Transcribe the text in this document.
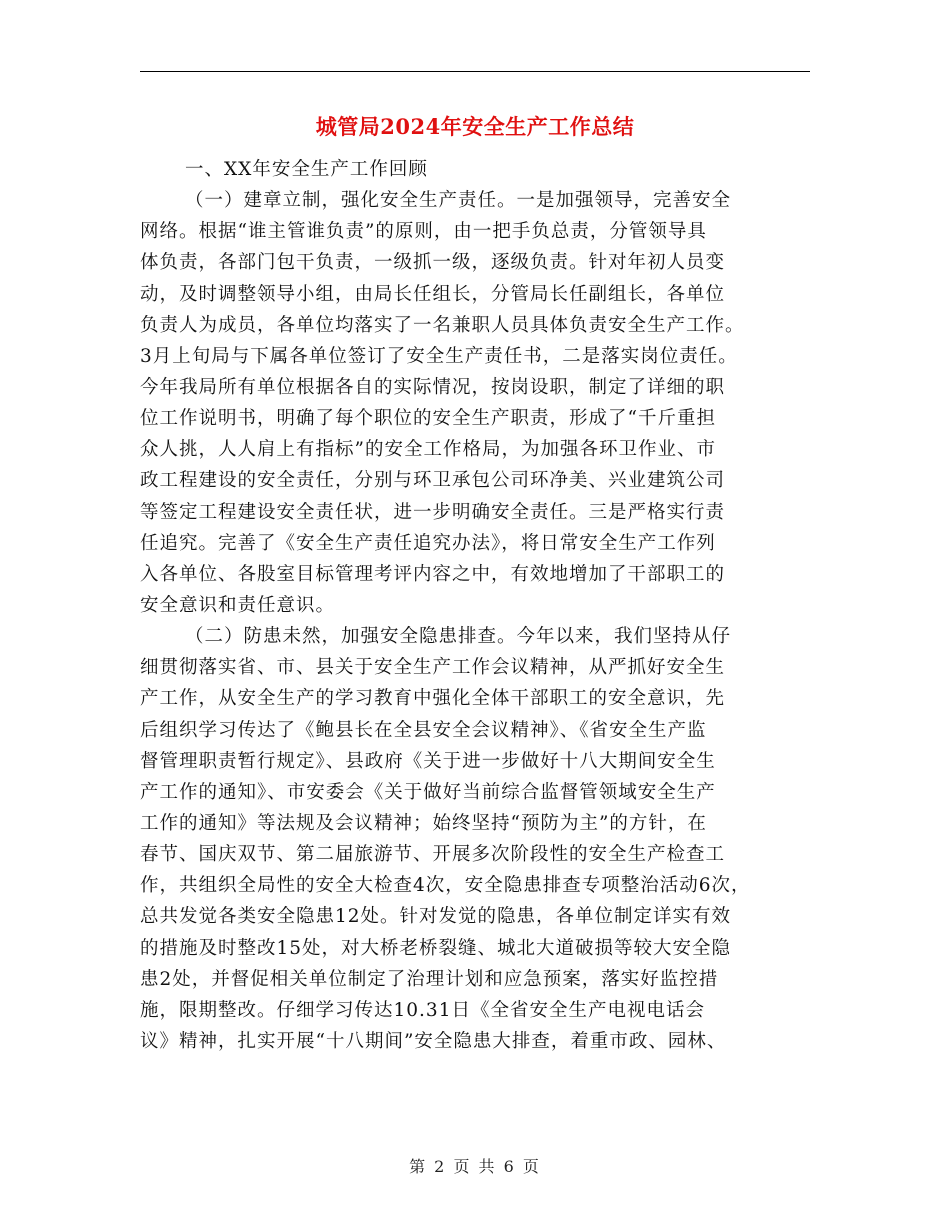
城管局2024年安全生产工作总结
一、XX年安全生产工作回顾
（一）建章立制，强化安全生产责任。一是加强领导，完善安全
网络。根据“谁主管谁负责”的原则，由一把手负总责，分管领导具
体负责，各部门包干负责，一级抓一级，逐级负责。针对年初人员变
动，及时调整领导小组，由局长任组长，分管局长任副组长，各单位
负责人为成员，各单位均落实了一名兼职人员具体负责安全生产工作。
3月上旬局与下属各单位签订了安全生产责任书，二是落实岗位责任。
今年我局所有单位根据各自的实际情况，按岗设职，制定了详细的职
位工作说明书，明确了每个职位的安全生产职责，形成了“千斤重担
众人挑，人人肩上有指标”的安全工作格局，为加强各环卫作业、市
政工程建设的安全责任，分别与环卫承包公司环净美、兴业建筑公司
等签定工程建设安全责任状，进一步明确安全责任。三是严格实行责
任追究。完善了《安全生产责任追究办法》，将日常安全生产工作列
入各单位、各股室目标管理考评内容之中，有效地增加了干部职工的
安全意识和责任意识。
（二）防患未然，加强安全隐患排查。今年以来，我们坚持从仔
细贯彻落实省、市、县关于安全生产工作会议精神，从严抓好安全生
产工作，从安全生产的学习教育中强化全体干部职工的安全意识，先
后组织学习传达了《鲍县长在全县安全会议精神》、《省安全生产监
督管理职责暂行规定》、县政府《关于进一步做好十八大期间安全生
产工作的通知》、市安委会《关于做好当前综合监督管领域安全生产
工作的通知》等法规及会议精神；始终坚持“预防为主”的方针，在
春节、国庆双节、第二届旅游节、开展多次阶段性的安全生产检查工
作，共组织全局性的安全大检查4次，安全隐患排查专项整治活动6次，
总共发觉各类安全隐患12处。针对发觉的隐患，各单位制定详实有效
的措施及时整改15处，对大桥老桥裂缝、城北大道破损等较大安全隐
患2处，并督促相关单位制定了治理计划和应急预案，落实好监控措
施，限期整改。仔细学习传达10.31日《全省安全生产电视电话会
议》精神，扎实开展“十八期间”安全隐患大排查，着重市政、园林、
第 2 页 共 6 页
